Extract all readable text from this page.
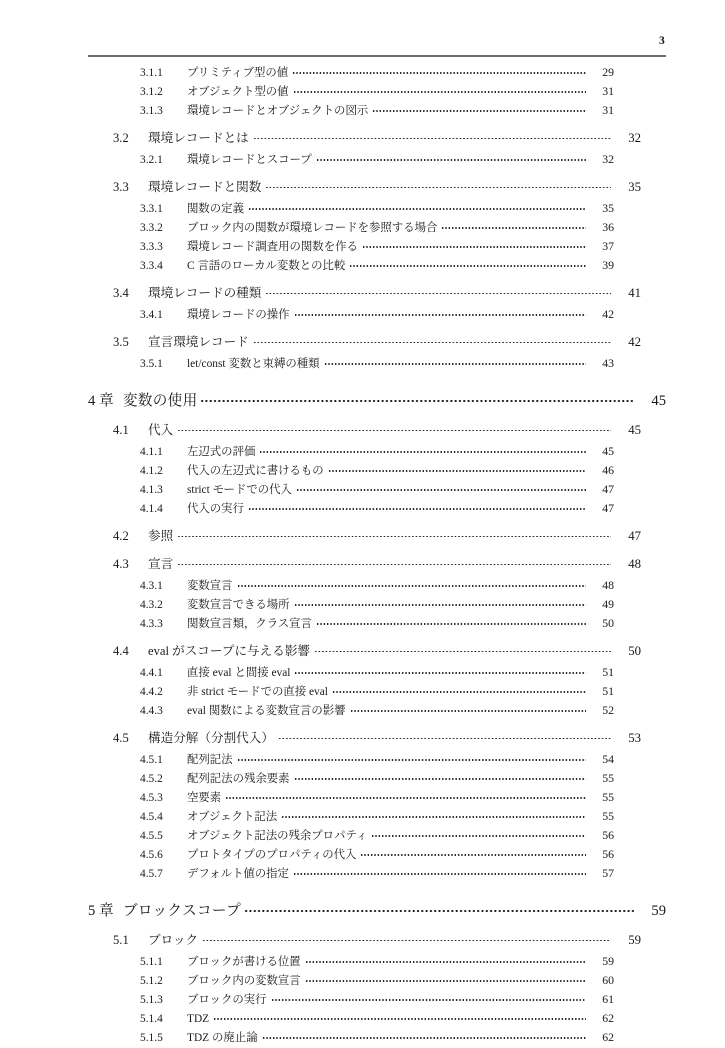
3
3.1.1	プリミティブ型の値	29
3.1.2	オブジェクト型の値	31
3.1.3	環境レコードとオブジェクトの図示	31
3.2	環境レコードとは	32
3.2.1	環境レコードとスコープ	32
3.3	環境レコードと関数	35
3.3.1	関数の定義	35
3.3.2	ブロック内の関数が環境レコードを参照する場合	36
3.3.3	環境レコード調査用の関数を作る	37
3.3.4	C 言語のローカル変数との比較	39
3.4	環境レコードの種類	41
3.4.1	環境レコードの操作	42
3.5	宣言環境レコード	42
3.5.1	let/const 変数と束縛の種類	43
4 章 変数の使用	45
4.1	代入	45
4.1.1	左辺式の評価	45
4.1.2	代入の左辺式に書けるもの	46
4.1.3	strict モードでの代入	47
4.1.4	代入の実行	47
4.2	参照	47
4.3	宣言	48
4.3.1	変数宣言	48
4.3.2	変数宣言できる場所	49
4.3.3	関数宣言類，クラス宣言	50
4.4	eval がスコープに与える影響	50
4.4.1	直接 eval と間接 eval	51
4.4.2	非 strict モードでの直接 eval	51
4.4.3	eval 関数による変数宣言の影響	52
4.5	構造分解（分割代入）	53
4.5.1	配列記法	54
4.5.2	配列記法の残余要素	55
4.5.3	空要素	55
4.5.4	オブジェクト記法	55
4.5.5	オブジェクト記法の残余プロパティ	56
4.5.6	プロトタイプのプロパティの代入	56
4.5.7	デフォルト値の指定	57
5 章 ブロックスコープ	59
5.1	ブロック	59
5.1.1	ブロックが書ける位置	59
5.1.2	ブロック内の変数宣言	60
5.1.3	ブロックの実行	61
5.1.4	TDZ	62
5.1.5	TDZ の廃止論	62
